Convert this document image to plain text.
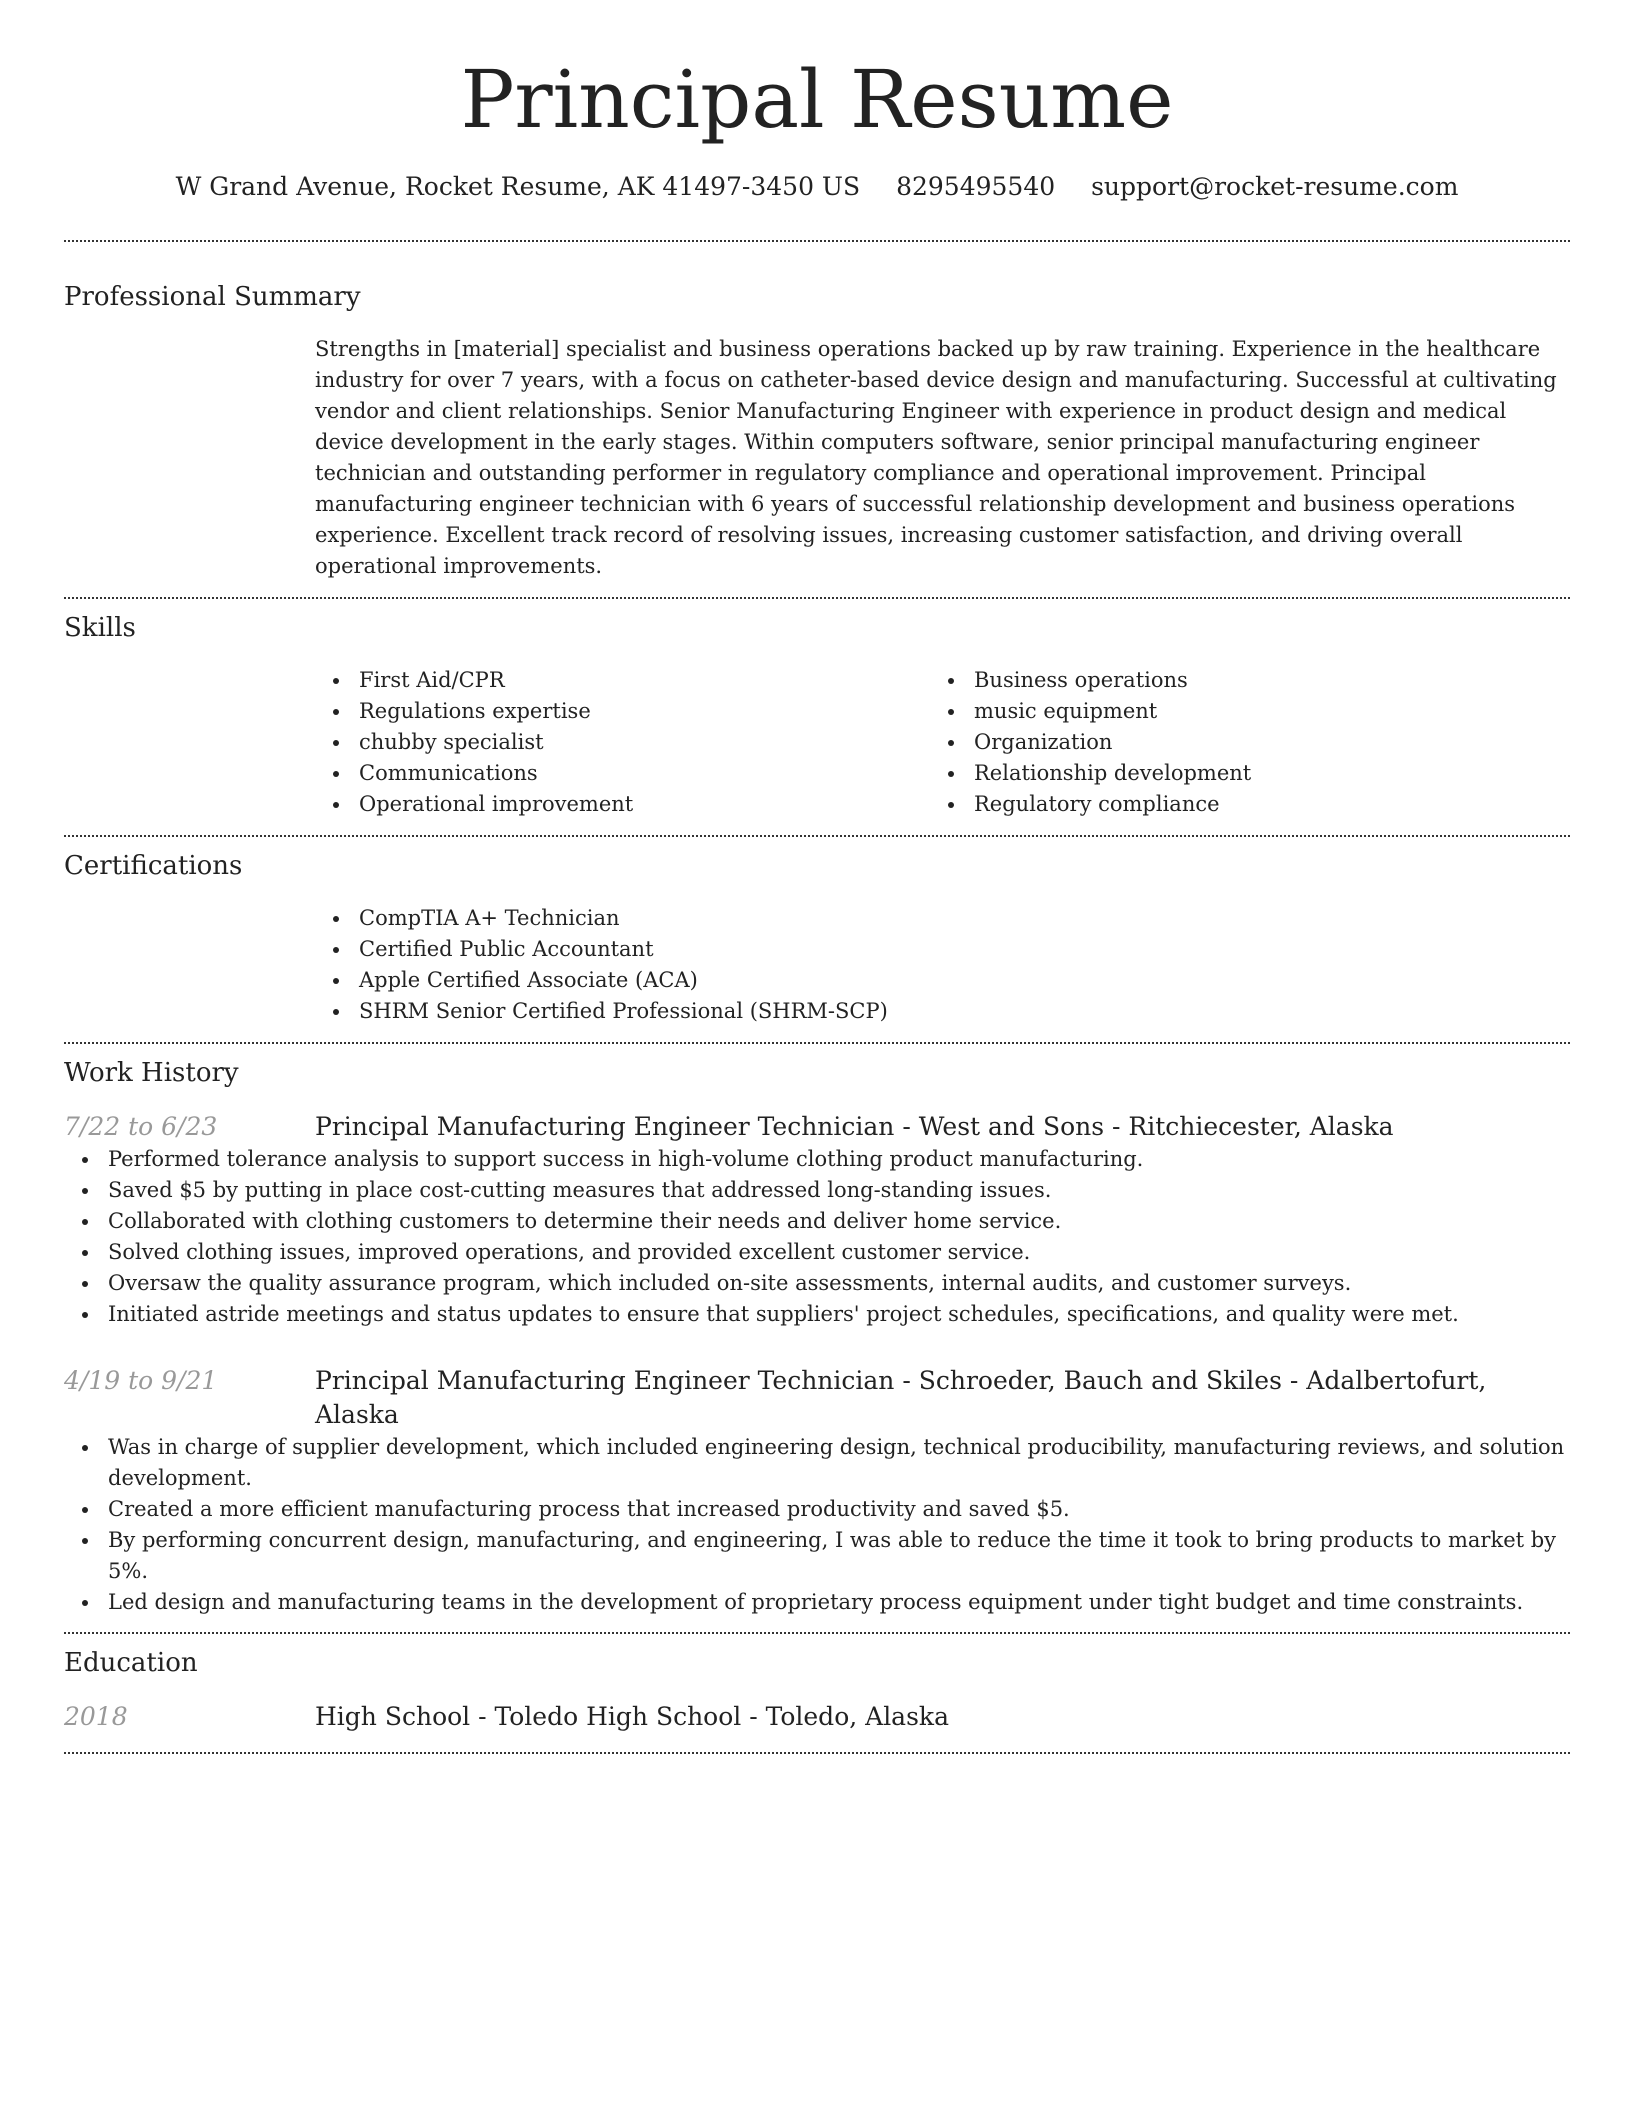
Principal Resume
W Grand Avenue, Rocket Resume, AK 41497-3450 US 8295495540 support@rocket-resume.com
Professional Summary

Strengths in [material] specialist and business operations backed up by raw training. Experience in the healthcare industry for over 7 years, with a focus on catheter-based device design and manufacturing. Successful at cultivating vendor and client relationships. Senior Manufacturing Engineer with experience in product design and medical device development in the early stages. Within computers software, senior principal manufacturing engineer technician and outstanding performer in regulatory compliance and operational improvement. Principal manufacturing engineer technician with 6 years of successful relationship development and business operations experience. Excellent track record of resolving issues, increasing customer satisfaction, and driving overall operational improvements.

Skills
First Aid/CPR
Regulations expertise
chubby specialist
Communications
Operational improvement
Business operations
music equipment
Organization
Relationship development
Regulatory compliance
Certifications
CompTIA A+ Technician
Certified Public Accountant
Apple Certified Associate (ACA)
SHRM Senior Certified Professional (SHRM-SCP)
Work History
7/22 to 6/23	Principal Manufacturing Engineer Technician - West and Sons - Ritchiecester, Alaska
Performed tolerance analysis to support success in high-volume clothing product manufacturing.
Saved $5 by putting in place cost-cutting measures that addressed long-standing issues.
Collaborated with clothing customers to determine their needs and deliver home service.
Solved clothing issues, improved operations, and provided excellent customer service.
Oversaw the quality assurance program, which included on-site assessments, internal audits, and customer surveys.
Initiated astride meetings and status updates to ensure that suppliers' project schedules, specifications, and quality were met.
4/19 to 9/21	Principal Manufacturing Engineer Technician - Schroeder, Bauch and Skiles - Adalbertofurt, Alaska
Was in charge of supplier development, which included engineering design, technical producibility, manufacturing reviews, and solution development.
Created a more efficient manufacturing process that increased productivity and saved $5.
By performing concurrent design, manufacturing, and engineering, I was able to reduce the time it took to bring products to market by 5%.
Led design and manufacturing teams in the development of proprietary process equipment under tight budget and time constraints.
Education
2018	High School - Toledo High School - Toledo, Alaska
